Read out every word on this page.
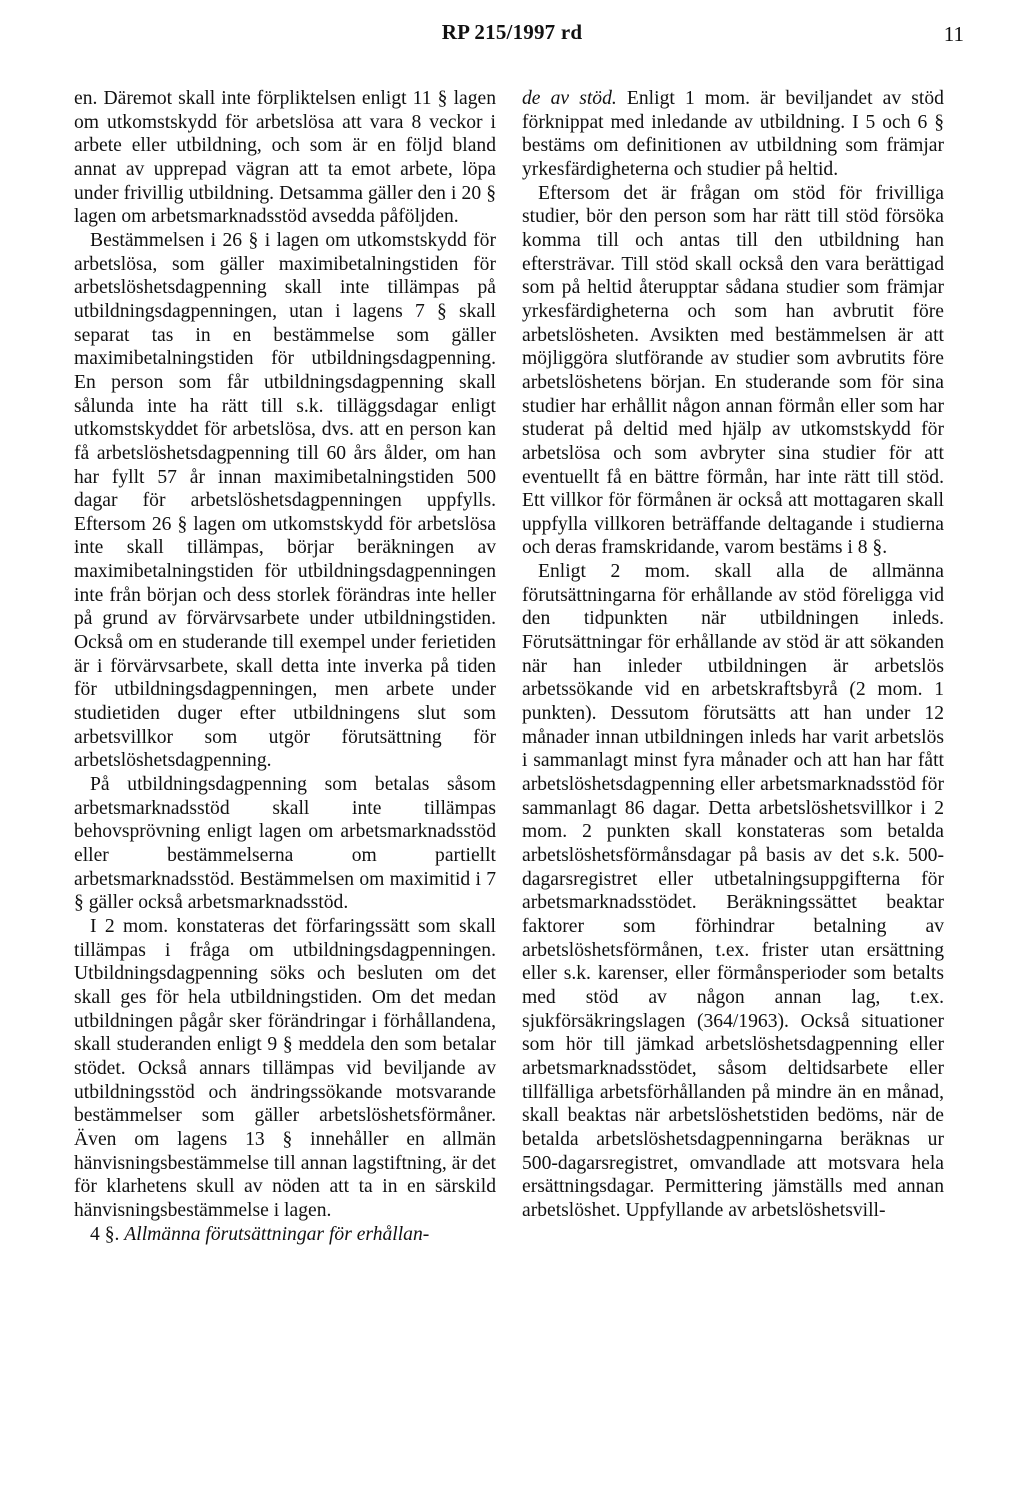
RP 215/1997 rd	11

en. Däremot skall inte förpliktelsen enligt 11 § lagen om utkomstskydd för arbetslösa att vara 8 veckor i arbete eller utbildning, och som är en följd bland annat av upprepad vägran att ta emot arbete, löpa under frivillig utbildning. Detsamma gäller den i 20 § lagen om arbetsmarknadsstöd avsedda påföljden.

Bestämmelsen i 26 § i lagen om utkomstskydd för arbetslösa, som gäller maximibetalningstiden för arbetslöshetsdagpenning skall inte tillämpas på utbildningsdagpenningen, utan i lagens 7 § skall separat tas in en bestämmelse som gäller maximibetalningstiden för utbildningsdagpenning. En person som får utbildningsdagpenning skall sålunda inte ha rätt till s.k. tilläggsdagar enligt utkomstskyddet för arbetslösa, dvs. att en person kan få arbetslöshetsdagpenning till 60 års ålder, om han har fyllt 57 år innan maximibetalningstiden 500 dagar för arbetslöshetsdagpenningen uppfylls. Eftersom 26 § lagen om utkomstskydd för arbetslösa inte skall tillämpas, börjar beräkningen av maximibetalningstiden för utbildningsdagpenningen inte från början och dess storlek förändras inte heller på grund av förvärvsarbete under utbildningstiden. Också om en studerande till exempel under ferietiden är i förvärvsarbete, skall detta inte inverka på tiden för utbildningsdagpenningen, men arbete under studietiden duger efter utbildningens slut som arbetsvillkor som utgör förutsättning för arbetslöshetsdagpenning.

På utbildningsdagpenning som betalas såsom arbetsmarknadsstöd skall inte tillämpas behovsprövning enligt lagen om arbetsmarknadsstöd eller bestämmelserna om partiellt arbetsmarknadsstöd. Bestämmelsen om maximitid i 7 § gäller också arbetsmarknadsstöd.

I 2 mom. konstateras det förfaringssätt som skall tillämpas i fråga om utbildningsdagpenningen. Utbildningsdagpenning söks och besluten om det skall ges för hela utbildningstiden. Om det medan utbildningen pågår sker förändringar i förhållandena, skall studeranden enligt 9 § meddela den som betalar stödet. Också annars tillämpas vid beviljande av utbildningsstöd och ändringssökande motsvarande bestämmelser som gäller arbetslöshetsförmåner. Även om lagens 13 § innehåller en allmän hänvisningsbestämmelse till annan lagstiftning, är det för klarhetens skull av nöden att ta in en särskild hänvisningsbestämmelse i lagen.

4 §. Allmänna förutsättningar för erhållan-

de av stöd. Enligt 1 mom. är beviljandet av stöd förknippat med inledande av utbildning. I 5 och 6 § bestäms om definitionen av utbildning som främjar yrkesfärdigheterna och studier på heltid.

Eftersom det är frågan om stöd för frivilliga studier, bör den person som har rätt till stöd försöka komma till och antas till den utbildning han eftersträvar. Till stöd skall också den vara berättigad som på heltid återupptar sådana studier som främjar yrkesfärdigheterna och som han avbrutit före arbetslösheten. Avsikten med bestämmelsen är att möjliggöra slutförande av studier som avbrutits före arbetslöshetens början. En studerande som för sina studier har erhållit någon annan förmån eller som har studerat på deltid med hjälp av utkomstskydd för arbetslösa och som avbryter sina studier för att eventuellt få en bättre förmån, har inte rätt till stöd. Ett villkor för förmånen är också att mottagaren skall uppfylla villkoren beträffande deltagande i studierna och deras framskridande, varom bestäms i 8 §.

Enligt 2 mom. skall alla de allmänna förutsättningarna för erhållande av stöd föreligga vid den tidpunkten när utbildningen inleds. Förutsättningar för erhållande av stöd är att sökanden när han inleder utbildningen är arbetslös arbetssökande vid en arbetskraftsbyrå (2 mom. 1 punkten). Dessutom förutsätts att han under 12 månader innan utbildningen inleds har varit arbetslös i sammanlagt minst fyra månader och att han har fått arbetslöshetsdagpenning eller arbetsmarknadsstöd för sammanlagt 86 dagar. Detta arbetslöshetsvillkor i 2 mom. 2 punkten skall konstateras som betalda arbetslöshetsförmånsdagar på basis av det s.k. 500-dagarsregistret eller utbetalningsuppgifterna för arbetsmarknadsstödet. Beräkningssättet beaktar faktorer som förhindrar betalning av arbetslöshetsförmånen, t.ex. frister utan ersättning eller s.k. karenser, eller förmånsperioder som betalts med stöd av någon annan lag, t.ex. sjukförsäkringslagen (364/1963). Också situationer som hör till jämkad arbetslöshetsdagpenning eller arbetsmarknadsstödet, såsom deltidsarbete eller tillfälliga arbetsförhållanden på mindre än en månad, skall beaktas när arbetslöshetstiden bedöms, när de betalda arbetslöshetsdagpenningarna beräknas ur 500-dagarsregistret, omvandlade att motsvara hela ersättningsdagar. Permittering jämställs med annan arbetslöshet. Uppfyllande av arbetslöshetsvill-
